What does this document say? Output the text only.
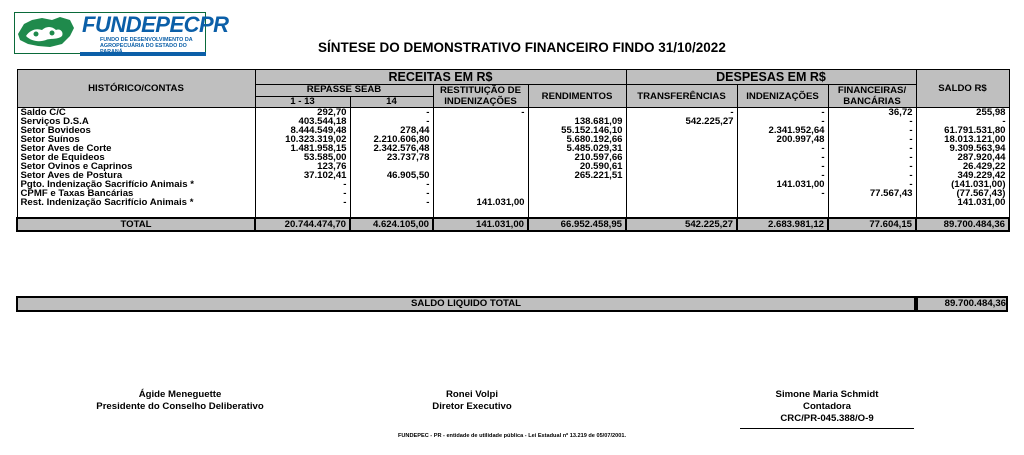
FUNDEPECPR
FUNDO DE DESENVOLVIMENTO DA AGROPECUÁRIA DO ESTADO DO	SÍNTESE DO DEMONSTRATIVO FINANCEIRO FINDO 31/10/2022
HISTÓRICO/CONTAS	RECEITAS EM R$				DESPESAS EM R$			SALDO R$
	REPASSE SEAB		RESTITUIÇÃO DE INDENIZAÇÕES	RENDIMENTOS	TRANSFERÊNCIAS	INDENIZAÇÕES	FINANCEIRAS/ BANCÁRIAS	
	1 - 13	14						
Saldo C/C	292,70	-	-		-	-	36,72	255,98
Serviços D.S.A	403.544,18	-		138.681,09	542.225,27	-	-	-
Setor Bovideos	8.444.549,48	278,44		55.152.146,10		2.341.952,64	-	61.791.531,80
Setor Suínos	10.323.319,02	2.210.606,80		5.680.192,66		200.997,48	-	18.013.121,00
Setor Aves de Corte	1.481.958,15	2.342.576,48		5.485.029,31		-	-	9.309.563,94
Setor de Equideos	53.585,00	23.737,78		210.597,66		-	-	287.920,44
Setor Ovinos e Caprinos	123,76			20.590,61		-	-	26.429,22
Setor Aves de Postura	37.102,41	46.905,50		265.221,51		-	-	349.229,42
Pgto. Indenização Sacrifício Animais *	-	-				141.031,00	-	(141.031,00)
CPMF e Taxas Bancárias	-	-				-	77.567,43	(77.567,43)
Rest. Indenização Sacrifício Animais *	-	-	141.031,00					141.031,00

TOTAL	20.744.474,70	4.624.105,00	141.031,00	66.952.458,95	542.225,27	2.683.981,12	77.604,15	89.700.484,36
SALDO LIQUIDO TOTAL	89.700.484,36
Ágide Meneguette
Presidente do Conselho Deliberativo
Ronei Volpi
Diretor Executivo
Simone Maria Schmidt
Contadora
CRC/PR-045.388/O-9
FUNDEPEC - PR - entidade de utilidade pública - Lei Estadual nº 13.219 de 05/07/2001.
